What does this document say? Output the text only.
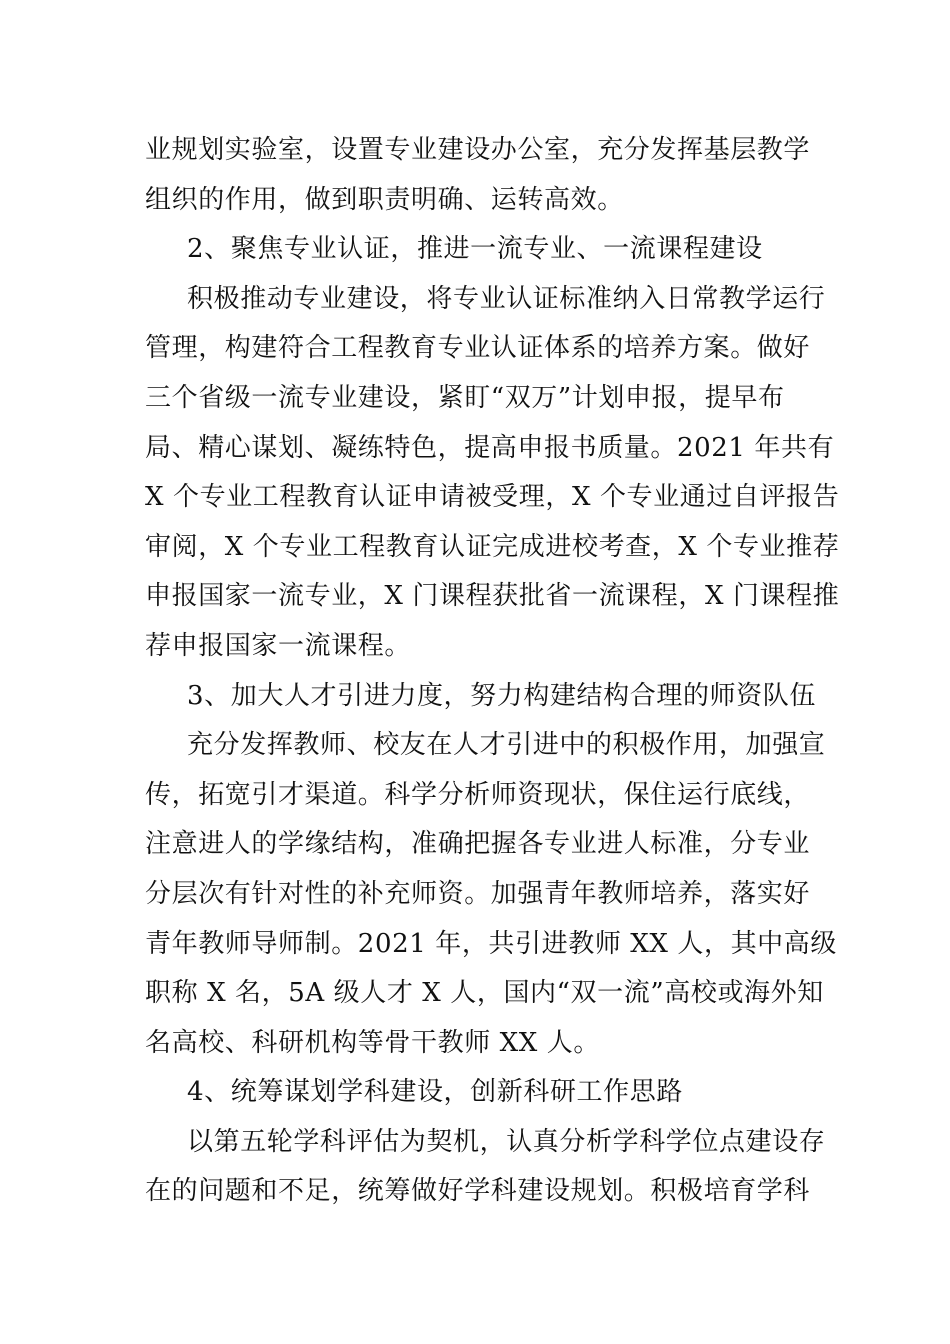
业规划实验室，设置专业建设办公室，充分发挥基层教学
组织的作用，做到职责明确、运转高效。
2、聚焦专业认证，推进一流专业、一流课程建设
积极推动专业建设，将专业认证标准纳入日常教学运行
管理，构建符合工程教育专业认证体系的培养方案。做好
三个省级一流专业建设，紧盯“双万”计划申报，提早布
局、精心谋划、凝练特色，提高申报书质量。2021 年共有
X 个专业工程教育认证申请被受理，X 个专业通过自评报告
审阅，X 个专业工程教育认证完成进校考查，X 个专业推荐
申报国家一流专业，X 门课程获批省一流课程，X 门课程推
荐申报国家一流课程。
3、加大人才引进力度，努力构建结构合理的师资队伍
充分发挥教师、校友在人才引进中的积极作用，加强宣
传，拓宽引才渠道。科学分析师资现状，保住运行底线，
注意进人的学缘结构，准确把握各专业进人标准，分专业
分层次有针对性的补充师资。加强青年教师培养，落实好
青年教师导师制。2021 年，共引进教师 XX 人，其中高级
职称 X 名，5A 级人才 X 人，国内“双一流”高校或海外知
名高校、科研机构等骨干教师 XX 人。
4、统筹谋划学科建设，创新科研工作思路
以第五轮学科评估为契机，认真分析学科学位点建设存
在的问题和不足，统筹做好学科建设规划。积极培育学科
